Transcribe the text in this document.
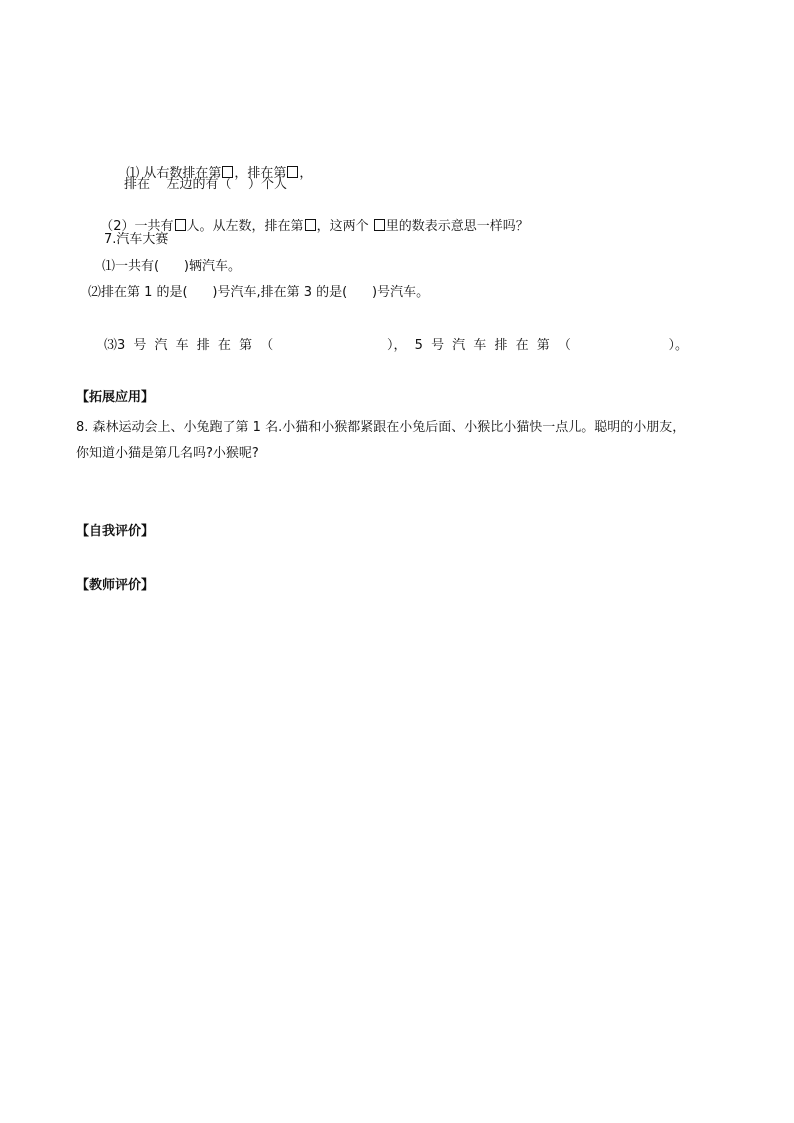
⑴ 从右数排在第 ，排在第 ，

排在    左边的有（    ）个人

（2）一共有 人。从左数，排在第 ，这两个 里的数表示意思一样吗？

7.汽车大赛
⑴一共有(      )辆汽车。
⑵排在第 1 的是(      )号汽车,排在第 3 的是(      )号汽车。
⑶3 号 汽 车 排 在 第 （              ）， 5 号 汽 车 排 在 第 （            ）。
【拓展应用】
8. 森林运动会上、小兔跑了第 1 名.小猫和小猴都紧跟在小兔后面、小猴比小猫快一点儿。聪明的小朋友，
你知道小猫是第几名吗?小猴呢?
【自我评价】
【教师评价】
